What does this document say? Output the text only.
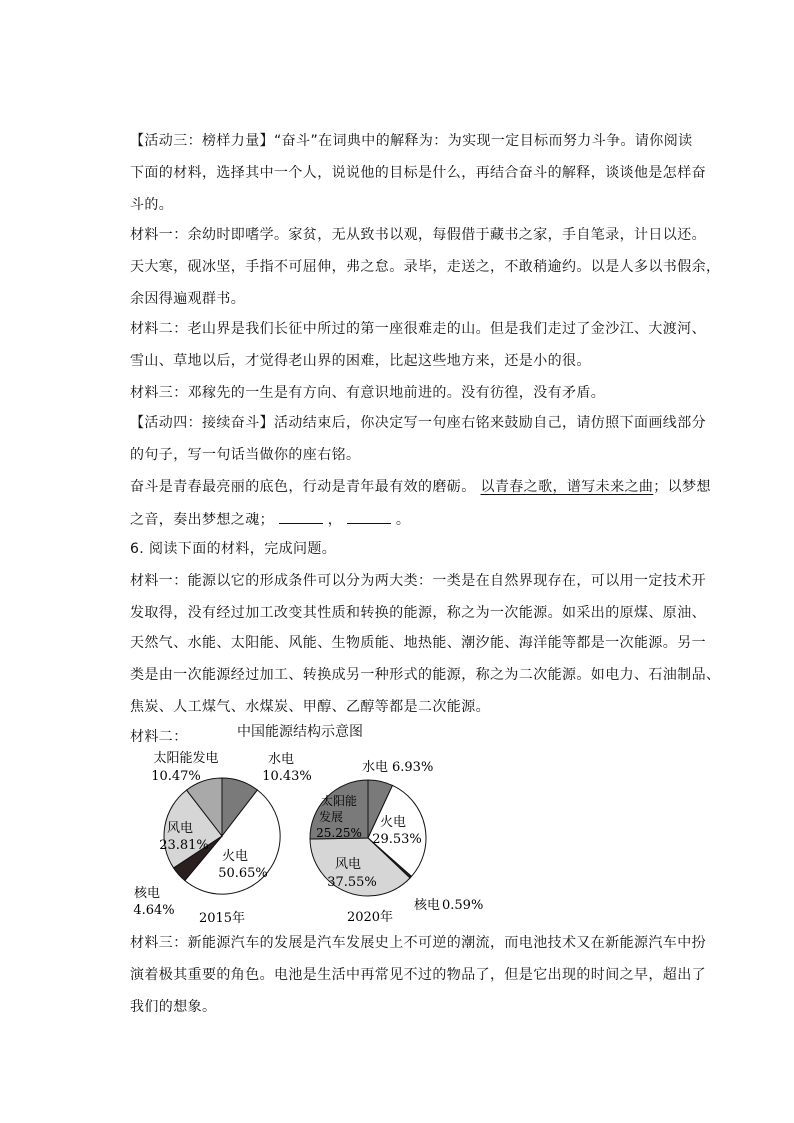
【活动三：榜样力量】“奋斗”在词典中的解释为：为实现一定目标而努力斗争。请你阅读
下面的材料，选择其中一个人，说说他的目标是什么，再结合奋斗的解释，谈谈他是怎样奋
斗的。
材料一：余幼时即嗜学。家贫，无从致书以观，每假借于藏书之家，手自笔录，计日以还。
天大寒，砚冰坚，手指不可屈伸，弗之怠。录毕，走送之，不敢稍逾约。以是人多以书假余，
余因得遍观群书。
材料二：老山界是我们长征中所过的第一座很难走的山。但是我们走过了金沙江、大渡河、
雪山、草地以后，才觉得老山界的困难，比起这些地方来，还是小的很。
材料三：邓稼先的一生是有方向、有意识地前进的。没有彷徨，没有矛盾。
【活动四：接续奋斗】活动结束后，你决定写一句座右铭来鼓励自己，请仿照下面画线部分
的句子，写一句话当做你的座右铭。
奋斗是青春最亮丽的底色，行动是青年最有效的磨砺。 以青春之歌，谱写未来之曲；以梦想
之音，奏出梦想之魂；	，	。
6. 阅读下面的材料，完成问题。
材料一：能源以它的形成条件可以分为两大类：一类是在自然界现存在，可以用一定技术开
发取得，没有经过加工改变其性质和转换的能源，称之为一次能源。如采出的原煤、原油、
天然气、水能、太阳能、风能、生物质能、地热能、潮汐能、海洋能等都是一次能源。另一
类是由一次能源经过加工、转换成另一种形式的能源，称之为二次能源。如电力、石油制品、
焦炭、人工煤气、水煤炭、甲醇、乙醇等都是二次能源。
材料二：	中国能源结构示意图
太阳能发电
10.47%
水电
10.43%
风电
23.81%
火电
50.65%
核电
4.64%
2015年
水电 6.93%
太阳能
发展
25.25%
火电
29.53%
风电
37.55%
核电 0.59%
2020年
材料三：新能源汽车的发展是汽车发展史上不可逆的潮流，而电池技术又在新能源汽车中扮
演着极其重要的角色。电池是生活中再常见不过的物品了，但是它出现的时间之早，超出了
我们的想象。
